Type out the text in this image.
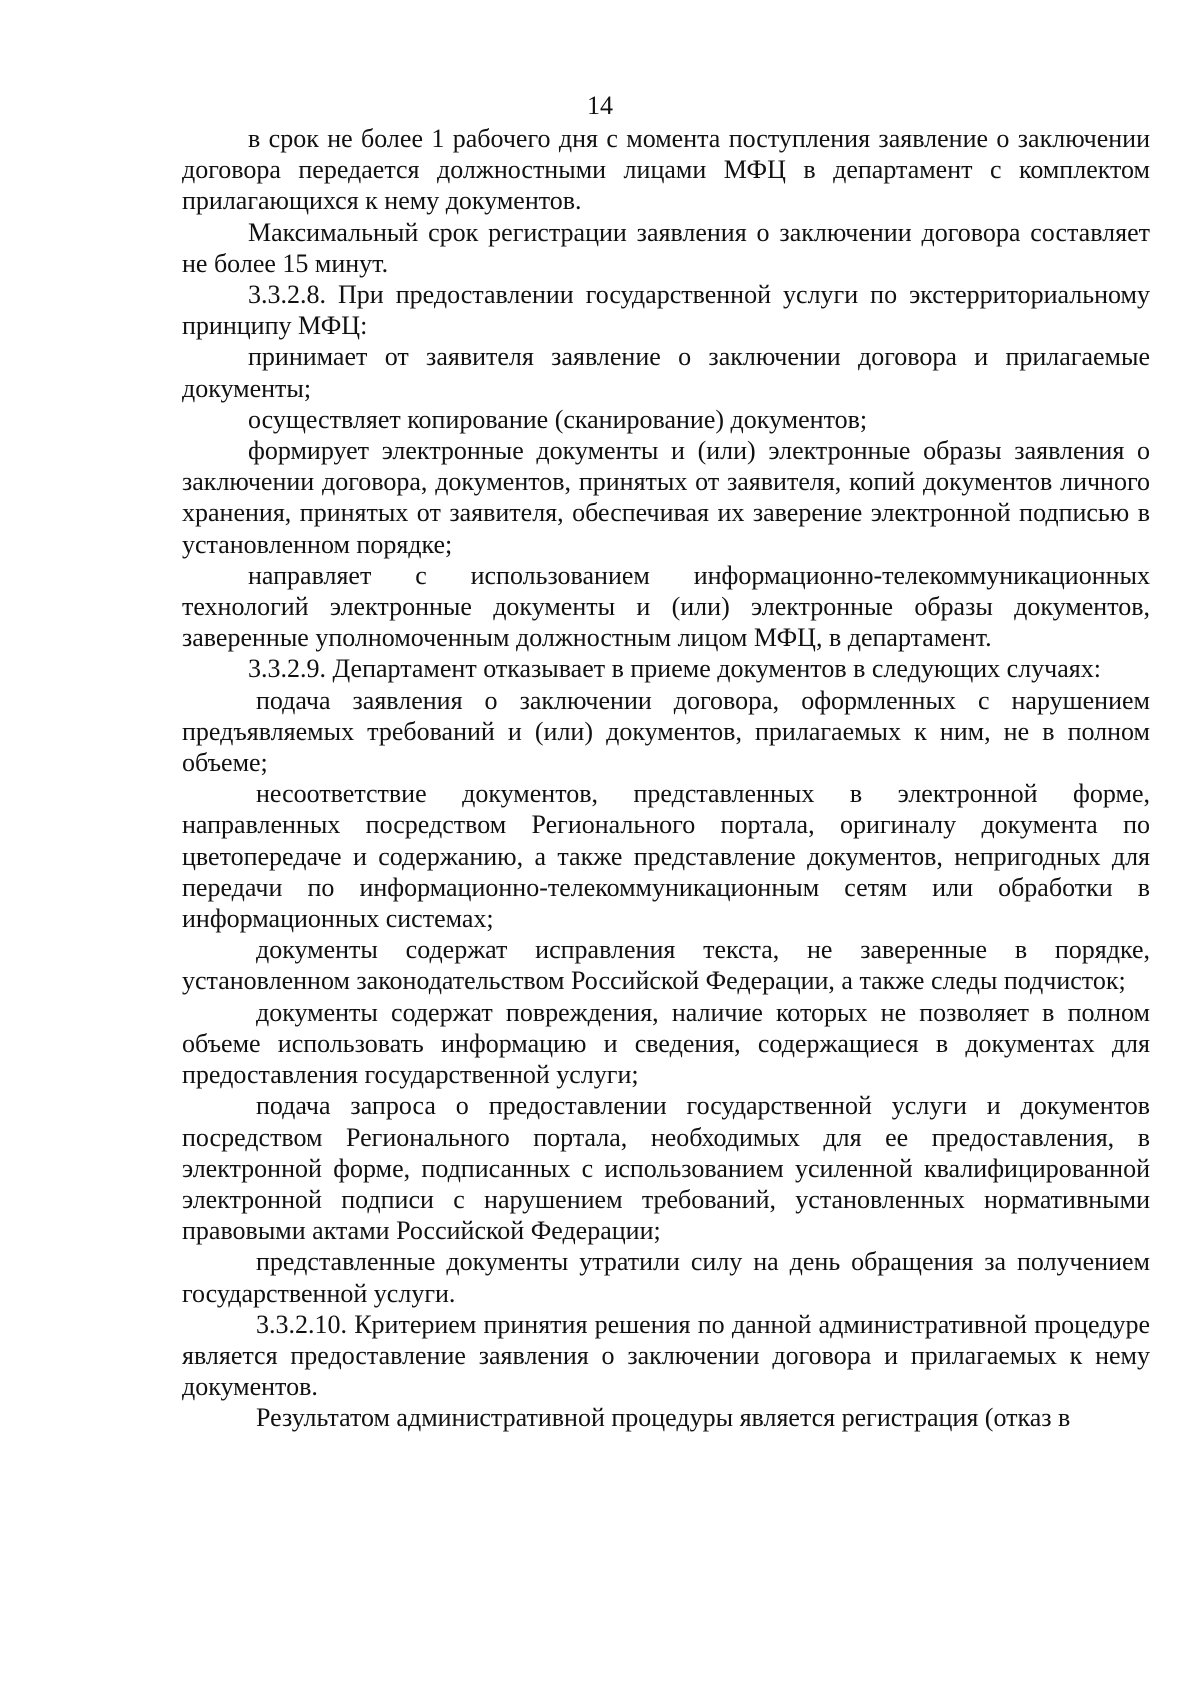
14

в срок не более 1 рабочего дня с момента поступления заявление о заключении договора передается должностными лицами МФЦ в департамент с комплектом прилагающихся к нему документов.

Максимальный срок регистрации заявления о заключении договора составляет не более 15 минут.

3.3.2.8. При предоставлении государственной услуги по экстерриториальному принципу МФЦ:

принимает от заявителя заявление о заключении договора и прилагаемые документы;

осуществляет копирование (сканирование) документов;

формирует электронные документы и (или) электронные образы заявления о заключении договора, документов, принятых от заявителя, копий документов личного хранения, принятых от заявителя, обеспечивая их заверение электронной подписью в установленном порядке;

направляет с использованием информационно-телекоммуникационных технологий электронные документы и (или) электронные образы документов, заверенные уполномоченным должностным лицом МФЦ, в департамент.

3.3.2.9. Департамент отказывает в приеме документов в следующих случаях:

подача заявления о заключении договора, оформленных с нарушением предъявляемых требований и (или) документов, прилагаемых к ним, не в полном объеме;

несоответствие документов, представленных в электронной форме, направленных посредством Регионального портала, оригиналу документа по цветопередаче и содержанию, а также представление документов, непригодных для передачи по информационно-телекоммуникационным сетям или обработки в информационных системах;

документы содержат исправления текста, не заверенные в порядке, установленном законодательством Российской Федерации, а также следы подчисток;

документы содержат повреждения, наличие которых не позволяет в полном объеме использовать информацию и сведения, содержащиеся в документах для предоставления государственной услуги;

подача запроса о предоставлении государственной услуги и документов посредством Регионального портала, необходимых для ее предоставления, в электронной форме, подписанных с использованием усиленной квалифицированной электронной подписи с нарушением требований, установленных нормативными правовыми актами Российской Федерации;

представленные документы утратили силу на день обращения за получением государственной услуги.

3.3.2.10. Критерием принятия решения по данной административной процедуре является предоставление заявления о заключении договора и прилагаемых к нему документов.

Результатом административной процедуры является регистрация (отказ в
